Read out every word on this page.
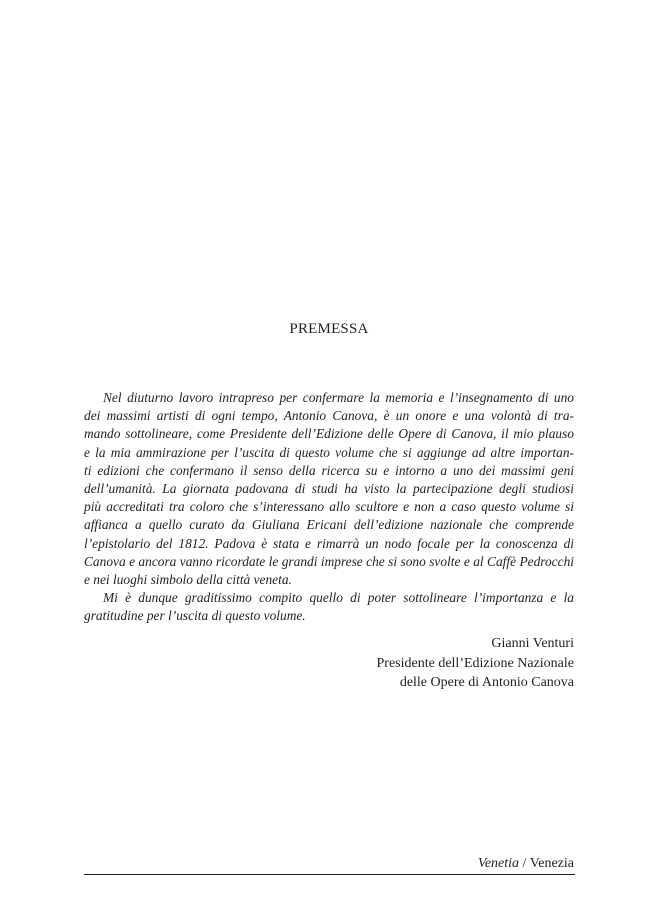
PREMESSA
Nel diuturno lavoro intrapreso per confermare la memoria e l’insegnamento di uno
dei massimi artisti di ogni tempo, Antonio Canova, è un onore e una volontà di tra-
mando sottolineare, come Presidente dell’Edizione delle Opere di Canova, il mio plauso
e la mia ammirazione per l’uscita di questo volume che si aggiunge ad altre importan-
ti edizioni che confermano il senso della ricerca su e intorno a uno dei massimi geni
dell’umanità. La giornata padovana di studi ha visto la partecipazione degli studiosi
più accreditati tra coloro che s’interessano allo scultore e non a caso questo volume si
affianca a quello curato da Giuliana Ericani dell’edizione nazionale che comprende
l’epistolario del 1812. Padova è stata e rimarrà un nodo focale per la conoscenza di
Canova e ancora vanno ricordate le grandi imprese che si sono svolte e al Caffè Pedrocchi
e nei luoghi simbolo della città veneta.
Mi è dunque graditissimo compito quello di poter sottolineare l’importanza e la
gratitudine per l’uscita di questo volume.
Gianni Venturi
Presidente dell’Edizione Nazionale
delle Opere di Antonio Canova
Venetia / Venezia
